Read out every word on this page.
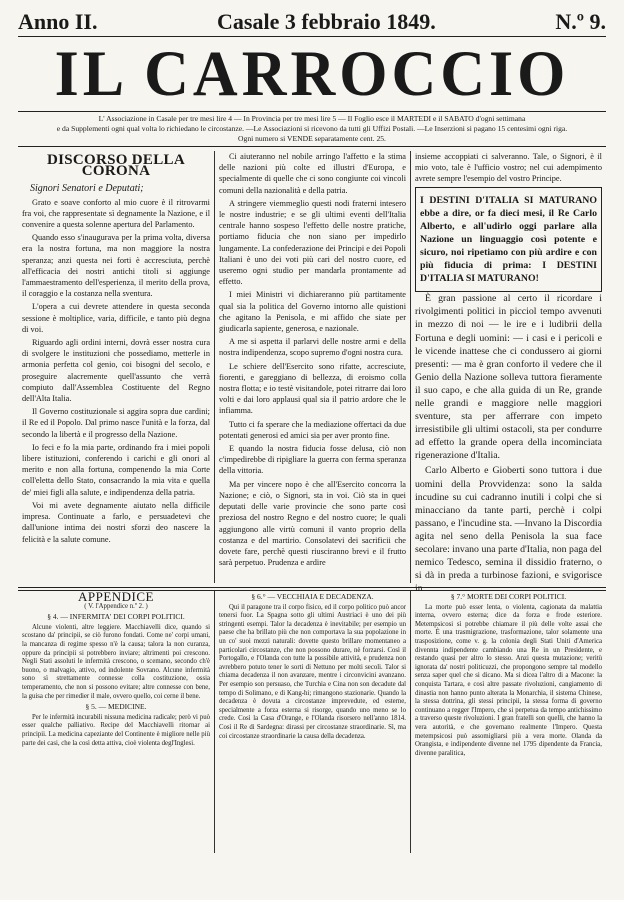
Anno II.	Casale 3 febbraio 1849.	N.º 9.
IL CARROCCIO
L' Associazione in Casale per tre mesi lire 4 — In Provincia per tre mesi lire 5 — Il Foglio esce il MARTEDI e il SABATO d'ogni settimana
e da Supplementi ogni qual volta lo richiedano le circostanze. —Le Associazioni si ricevono da tutti gli Uffizi Postali. —Le Inserzioni si pagano 15 centesimi ogni riga.
Ogni numero si VENDE separatamente cent. 25.
DISCORSO DELLA CORONA
Signori Senatori e Deputati;

Grato e soave conforto al mio cuore è il ritrovarmi fra voi, che rappresentate sì degnamente la Nazione, e il convenire a questa solenne apertura del Parlamento.

Quando esso s'inaugurava per la prima volta, diversa era la nostra fortuna, ma non maggiore la nostra speranza; anzi questa nei forti è accresciuta, perchè all'efficacia dei nostri antichi titoli si aggiunge l'ammaestramento dell'esperienza, il merito della prova, il coraggio e la costanza nella sventura.

L'opera a cui devrete attendere in questa seconda sessione è moltiplice, varia, difficile, e tanto più degna di voi.

Riguardo agli ordini interni, dovrà esser nostra cura di svolgere le instituzioni che possediamo, metterle in armonia perfetta col genio, coi bisogni del secolo, e proseguire alacremente quell'assunto che verrà compiuto dall'Assemblea Costituente del Regno dell'Alta Italia.

Il Governo costituzionale si aggira sopra due cardini; il Re ed il Popolo. Dal primo nasce l'unità e la forza, dal secondo la libertà e il progresso della Nazione.

Io feci e fo la mia parte, ordinando fra i miei popoli libere istituzioni, conferendo i carichi e gli onori al merito e non alla fortuna, compenendo la mia Corte coll'eletta dello Stato, consacrando la mia vita e quella de' miei figli alla salute, e indipendenza della patria.

Voi mi avete degnamente aiutato nella difficile impresa. Continuate a farlo, e persuadetevi che dall'unione intima dei nostri sforzi deo nascere la felicità e la salute comune.

Ci aiuteranno nel nobile arringo l'affetto e la stima delle nazioni più colte ed illustri d'Europa, e specialmente di quelle che ci sono congiunte coi vincoli comuni della nazionalità e della patria.

A stringere viemmeglio questi nodi fraterni intesero le nostre industrie; e se gli ultimi eventi dell'Italia centrale hanno sospeso l'effetto delle nostre pratiche, portiamo fiducia che non siano per impedirlo lungamente. La confederazione dei Principi e dei Popoli Italiani è uno dei voti più cari del nostro cuore, ed useremo ogni studio per mandarla prontamente ad effetto.

I miei Ministri vi dichiareranno più partitamente qual sia la politica del Governo intorno alle quistioni che agitano la Penisola, e mi affido che siate per giudicarla sapiente, generosa, e nazionale.

A me si aspetta il parlarvi delle nostre armi e della nostra indipendenza, scopo supremo d'ogni nostra cura.

Le schiere dell'Esercito sono rifatte, accresciute, fiorenti, e gareggiano di bellezza, di eroismo colla nostra flotta; e io testè visitandole, potei ritrarre dai loro volti e dai loro applausi qual sia il patrio ardore che le infiamma.

Tutto ci fa sperare che la mediazione offertaci da due potentati generosi ed amici sia per aver pronto fine.

E quando la nostra fiducia fosse delusa, ciò non c'impedirebbe di ripigliare la guerra con ferma speranza della vittoria.

Ma per vincere nopo è che all'Esercito concorra la Nazione; e ciò, o Signori, sta in voi. Ciò sta in quei deputati delle varie provincie che sono parte così preziosa del nostro Regno e del nostro cuore; le quali aggiungono alle virtù comuni il vanto proprio della costanza e del martirio. Consolatevi dei sacrificii che dovete fare, perchè questi riusciranno brevi e il frutto sarà perpetuo. Prudenza e ardire

insieme accoppiati ci salveranno. Tale, o Signori, è il mio voto, tale è l'ufficio vostro; nel cui adempimento avrete sempre l'esempio del vostro Principe.

I DESTINI D'ITALIA SI MATURANO ebbe a dire, or fa dieci mesi, il Re Carlo Alberto, e all'udirlo oggi parlare alla Nazione un linguaggio così potente e sicuro, noi ripetiamo con più ardire e con più fiducia di prima: I DESTINI D'ITALIA SI MATURANO!

È gran passione al certo il ricordare i rivolgimenti politici in picciol tempo avvenuti in mezzo di noi — le ire e i ludibrii della Fortuna e degli uomini: — i casi e i pericoli e le vicende inattese che ci condussero ai giorni presenti: — ma è gran conforto il vedere che il Genio della Nazione solleva tuttora fieramente il suo capo, e che alla guida di un Re, grande nelle grandi e maggiore nelle maggiori sventure, sta per afferrare con impeto irresistibile gli ultimi ostacoli, sta per condurre ad effetto la grande opera della incominciata rigenerazione d'Italia.

Carlo Alberto e Gioberti sono tuttora i due uomini della Provvidenza: sono la salda incudine su cui cadranno inutili i colpi che si minacciano da tante parti, perchè i colpi passano, e l'incudine sta. —Invano la Discordia agita nel seno della Penisola la sua face secolare: invano una parte d'Italia, non paga del nemico Tedesco, semina il dissidio fraterno, o si dà in preda a turbinose fazioni, e svigorisce in

APPENDICE
( V. l'Appendice n.º 2. )
§ 4. — INFERMITA' DEI CORPI POLITICI.

Alcune violenti, altre leggiere. Macchiavelli dice, quando si scostano da' principii, se ciò furono fondati. Come ne' corpi umani, la mancanza di regime spesso n'è la causa; talora la non curanza, oppure da principii si potrebbero inviare; altrimenti poi crescono. Negli Stati assoluti le infermità crescono, o scemano, secondo ch'è buono, o malvagio, attivo, od indolente Sovrano. Alcune infermità sono sì strettamente connesse colla costituzione, ossia temperamento, che non si possono evitare; altre connesse con bene, la guisa che per rimedier il male, ovvero quello, coi cerne il bene.

§ 5. — MEDICINE.

Per le infermità incurabili nissuna medicina radicale; però vi può esser qualche palliativo. Recipe del Macchiavelli ritornar ai principii. La medicina capeziante del Continente è migliore nelle più parte dei casi, che la così detta attiva, cioè violenta degl'Inglesi.

§ 6.° — VECCHIAIA E DECADENZA.

Qui il paragone tra il corpo fisico, ed il corpo politico può ancor tenersi fuor. La Spagna sotto gli ultimi Austriaci è uno dei più stringenti esempi. Talor la decadenza è inevitabile; per esempio un paese che ha brillato più che non comportava la sua popolazione in un co' suoi mezzi naturali: dovette questo brillare momentaneo a particolari circostanze, che non possono durare, nè forzarsi. Così il Portogallo, e l'Olanda con tutte la possibile attività, e prudenza non avrebbero potuto tener le sorti di Nettuno per molti secoli. Talor si chiama decadenza il non avanzare, mentre i circonvicini avanzano. Per esempio son persuaso, che Turchia e Cina non son decadute dal tempo di Solimano, e di Kang-hi; rimangono stazionarie. Quando la decadenza è dovuta a circostanze imprevedute, ed esterne, specialmente a forza esterna si risorge, quando uno meno se lo crede. Così la Casa d'Orange, e l'Olanda risorsero nell'anno 1814. Così il Re di Sardegna: dirassi per circostanze straordinarie. Sì, ma coi circostanze straordinarie la causa della decadenza.

§ 7.° MORTE DEI CORPI POLITICI.

La morte può esser lenta, o violenta, cagionata da malattia interna, ovvero esterna; dice da forza e frode esteriore. Metempsicosi sì potrebbe chiamare il più delle volte assai che morte. È una trasmigrazione, trasformazione, talor solamente una trasposizione, come v. g. la colonia degli Stati Uniti d'America divennta indipendente cambiando una Re in un Presidente, e restando quasi per altro lo stesso. Anzi questa mutazione; veritù ignorata da' nostri politicuzzi, che propongono sempre tal modello senza saper quel che si dicano. Ma si dicea l'altro di a Macone: la conquista Tartara, e così altre passate rivoluzioni, cangiamento di dinastia non hanno punto alterata la Monarchia, il sistema Chinese, la stessa dottrina, gli stessi principii, la stessa forma di governo continuano a regger l'Impero, che si perpetua da tempo antichissimo a traverso queste rivoluzioni. I gran fratelli son quelli, che hanno la vera autorità, e che governano realmente l'Impero. Questa metempsicosi può assomigliarsi più a vera morte. Olanda da Orangista, e indipendente divenne nel 1795 dipendente da Francia, divenne paralitica,
